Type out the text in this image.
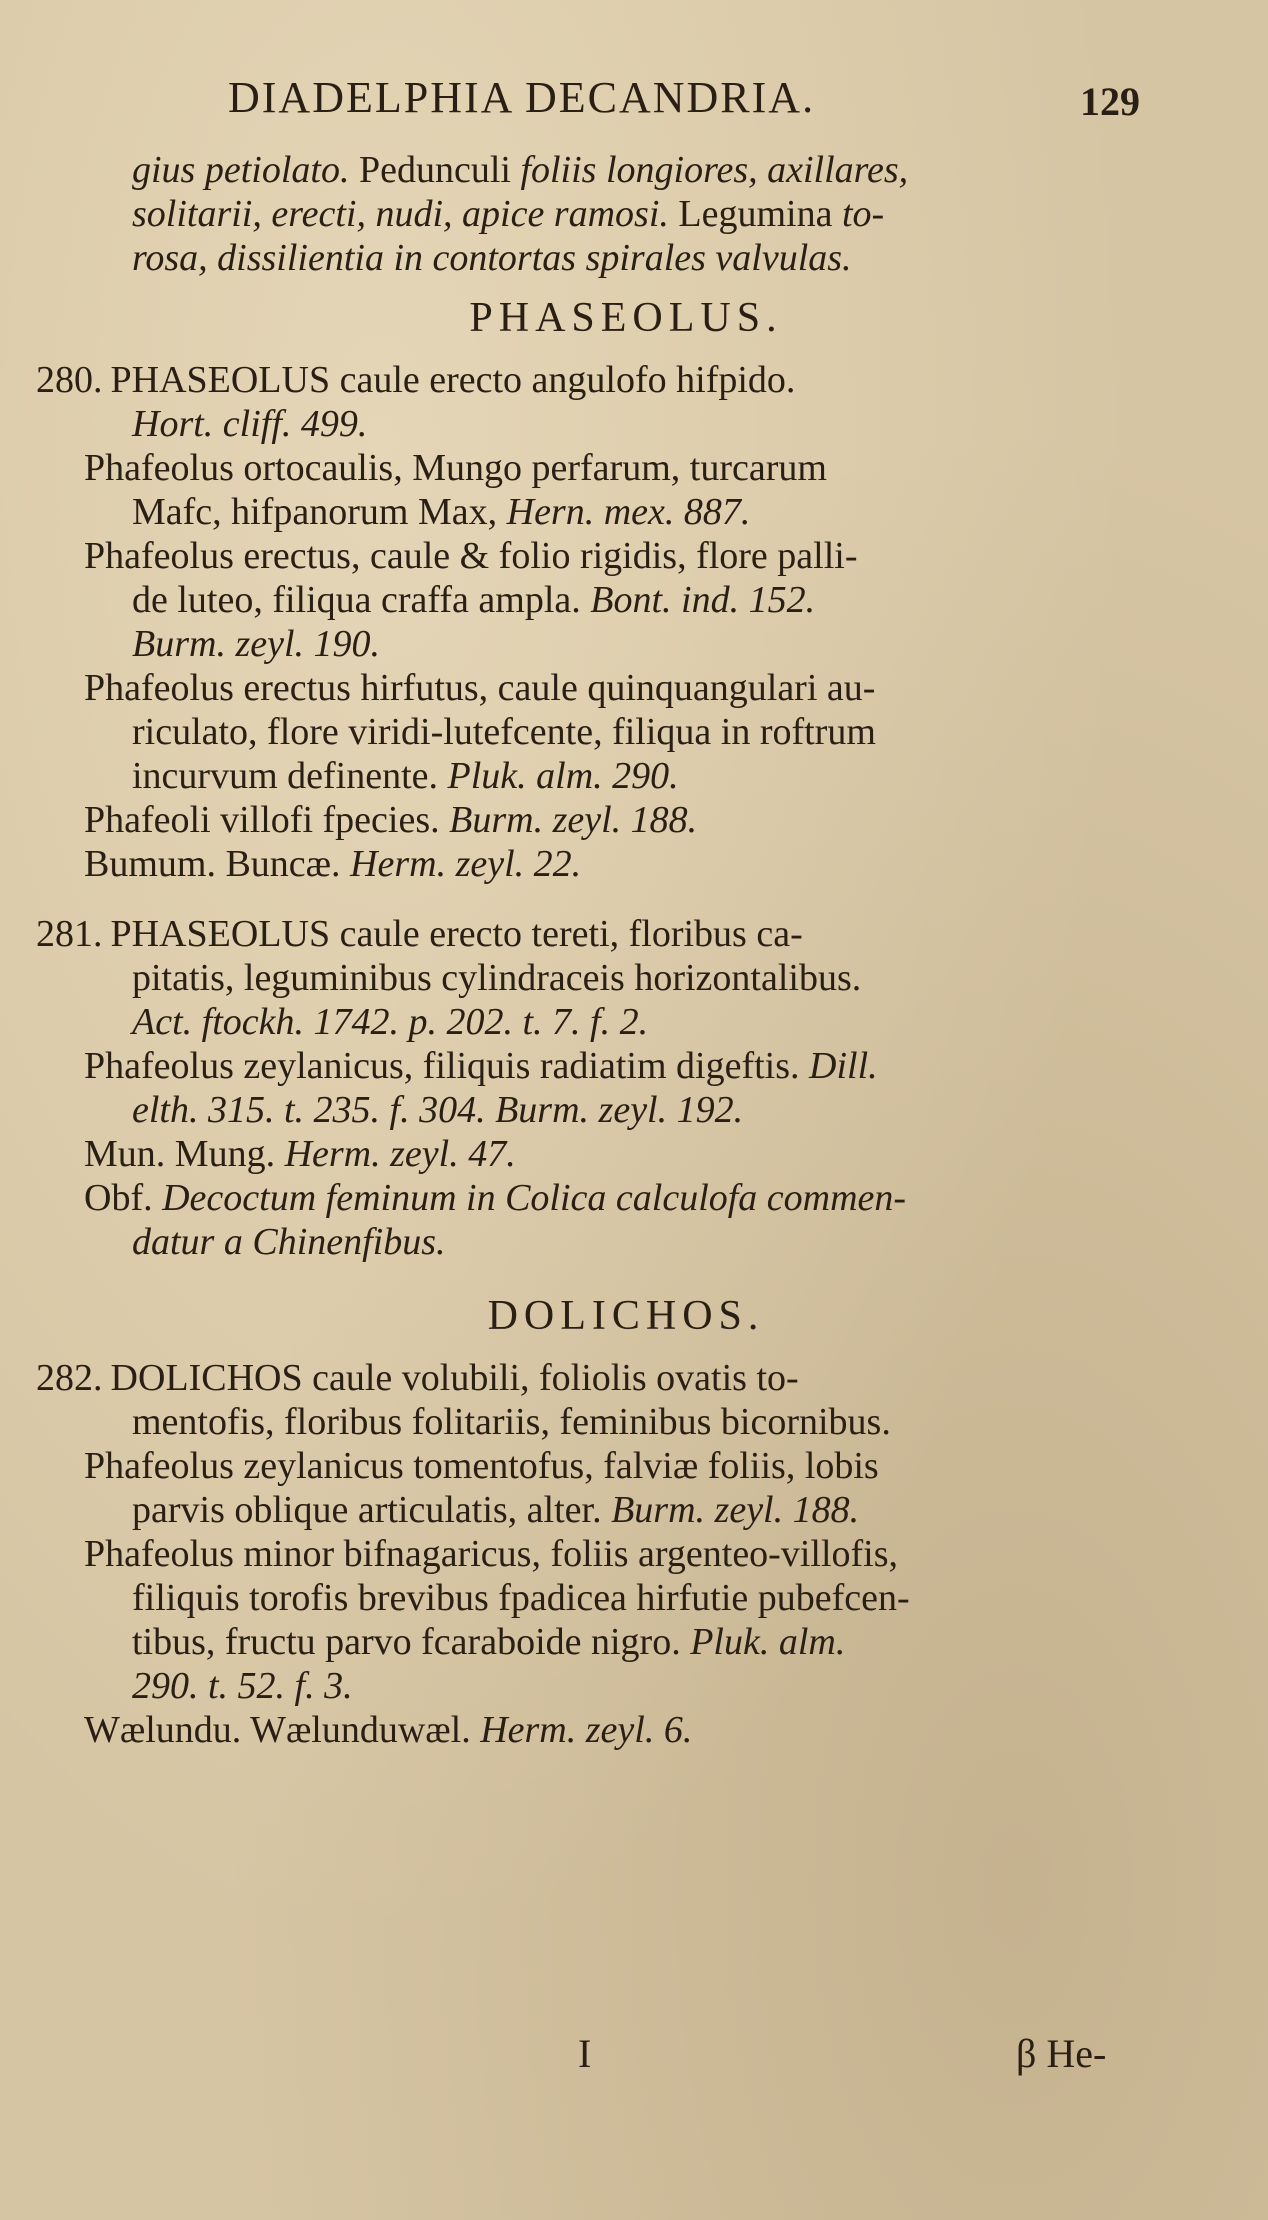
DIADELPHIA DECANDRIA.	129
gius petiolato. Pedunculi foliis longiores, axillares,
solitarii, erecti, nudi, apice ramosi. Legumina to-
rosa, dissilientia in contortas spirales valvulas.
PHASEOLUS.
280. PHASEOLUS caule erecto angulofo hifpido.
Hort. cliff. 499.
Phafeolus ortocaulis, Mungo perfarum, turcarum
Mafc, hifpanorum Max, Hern. mex. 887.
Phafeolus erectus, caule & folio rigidis, flore palli-
de luteo, filiqua craffa ampla. Bont. ind. 152.
Burm. zeyl. 190.
Phafeolus erectus hirfutus, caule quinquangulari au-
riculato, flore viridi-lutefcente, filiqua in roftrum
incurvum definente. Pluk. alm. 290.
Phafeoli villofi fpecies. Burm. zeyl. 188.
Bumum. Buncæ. Herm. zeyl. 22.
281. PHASEOLUS caule erecto tereti, floribus ca-
pitatis, leguminibus cylindraceis horizontalibus.
Act. ftockh. 1742. p. 202. t. 7. f. 2.
Phafeolus zeylanicus, filiquis radiatim digeftis. Dill.
elth. 315. t. 235. f. 304. Burm. zeyl. 192.
Mun. Mung. Herm. zeyl. 47.
Obf. Decoctum feminum in Colica calculofa commen-
datur a Chinenfibus.
DOLICHOS.
282. DOLICHOS caule volubili, foliolis ovatis to-
mentofis, floribus folitariis, feminibus bicornibus.
Phafeolus zeylanicus tomentofus, falviæ foliis, lobis
parvis oblique articulatis, alter. Burm. zeyl. 188.
Phafeolus minor bifnagaricus, foliis argenteo-villofis,
filiquis torofis brevibus fpadicea hirfutie pubefcen-
tibus, fructu parvo fcaraboide nigro. Pluk. alm.
290. t. 52. f. 3.
Wælundu. Wælunduwæl. Herm. zeyl. 6.
I	β He-
